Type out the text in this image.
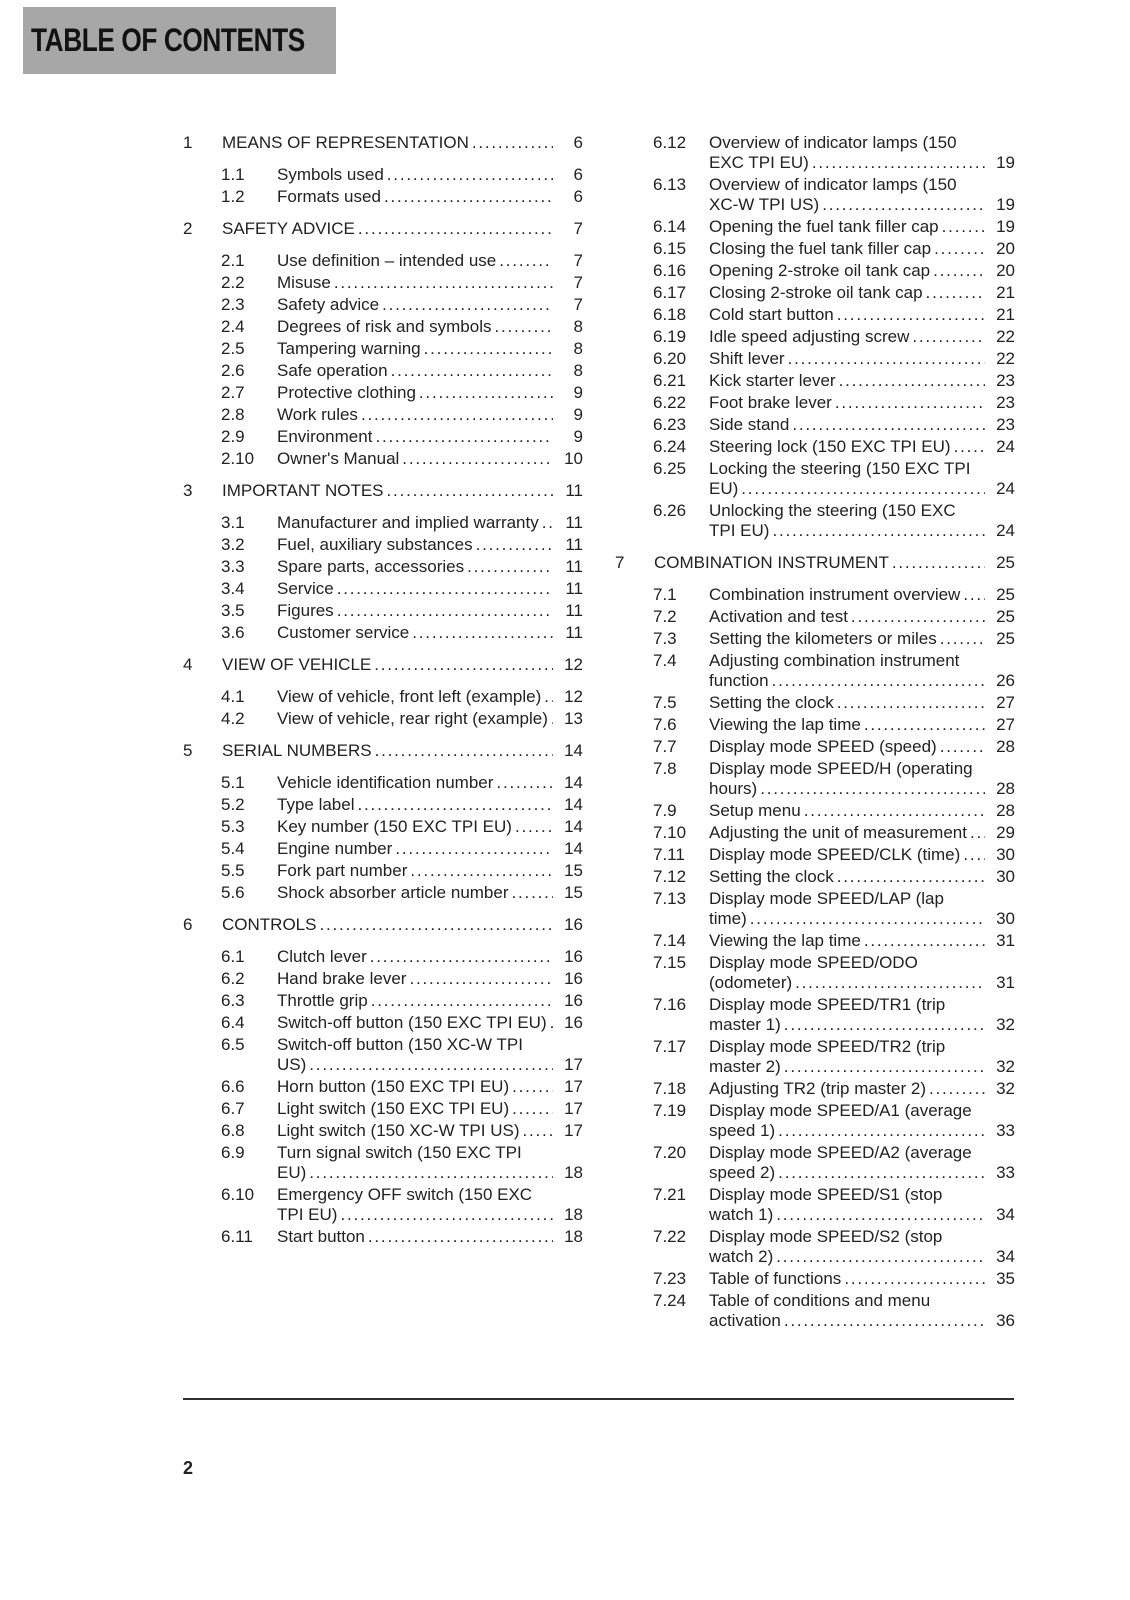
TABLE OF CONTENTS
1	MEANS OF REPRESENTATION .....	6
1.1	Symbols used .....	6
1.2	Formats used .....	6
2	SAFETY ADVICE .....	7
2.1	Use definition – intended use .....	7
2.2	Misuse .....	7
2.3	Safety advice .....	7
2.4	Degrees of risk and symbols .....	8
2.5	Tampering warning .....	8
2.6	Safe operation .....	8
2.7	Protective clothing .....	9
2.8	Work rules .....	9
2.9	Environment .....	9
2.10	Owner's Manual .....	10
3	IMPORTANT NOTES .....	11
3.1	Manufacturer and implied warranty .....	11
3.2	Fuel, auxiliary substances .....	11
3.3	Spare parts, accessories .....	11
3.4	Service .....	11
3.5	Figures .....	11
3.6	Customer service .....	11
4	VIEW OF VEHICLE .....	12
4.1	View of vehicle, front left (example) .....	12
4.2	View of vehicle, rear right (example) ..... 13
5	SERIAL NUMBERS .....	14
5.1	Vehicle identification number .....	14
5.2	Type label .....	14
5.3	Key number (150 EXC TPI EU) .....	14
5.4	Engine number .....	14
5.5	Fork part number .....	15
5.6	Shock absorber article number .....	15
6	CONTROLS .....	16
6.1	Clutch lever .....	16
6.2	Hand brake lever .....	16
6.3	Throttle grip .....	16
6.4	Switch-off button (150 EXC TPI EU) .....	16
6.5	Switch-off button (150 XC-W TPI US) .....	17
6.6	Horn button (150 EXC TPI EU) .....	17
6.7	Light switch (150 EXC TPI EU) .....	17
6.8	Light switch (150 XC-W TPI US) .....	17
6.9	Turn signal switch (150 EXC TPI EU) .....	18
6.10	Emergency OFF switch (150 EXC TPI EU) .....	18
6.11	Start button .....	18
6.12	Overview of indicator lamps (150 EXC TPI EU) .....	19
6.13	Overview of indicator lamps (150 XC-W TPI US) .....	19
6.14	Opening the fuel tank filler cap .....	19
6.15	Closing the fuel tank filler cap .....	20
6.16	Opening 2-stroke oil tank cap .....	20
6.17	Closing 2-stroke oil tank cap .....	21
6.18	Cold start button .....	21
6.19	Idle speed adjusting screw .....	22
6.20	Shift lever .....	22
6.21	Kick starter lever .....	23
6.22	Foot brake lever .....	23
6.23	Side stand .....	23
6.24	Steering lock (150 EXC TPI EU) .....	24
6.25	Locking the steering (150 EXC TPI EU) .....	24
6.26	Unlocking the steering (150 EXC TPI EU) .....	24
7	COMBINATION INSTRUMENT .....	25
7.1	Combination instrument overview .....	25
7.2	Activation and test .....	25
7.3	Setting the kilometers or miles .....	25
7.4	Adjusting combination instrument function .....	26
7.5	Setting the clock .....	27
7.6	Viewing the lap time .....	27
7.7	Display mode SPEED (speed) .....	28
7.8	Display mode SPEED/H (operating hours) .....	28
7.9	Setup menu .....	28
7.10	Adjusting the unit of measurement .....	29
7.11	Display mode SPEED/CLK (time) .....	30
7.12	Setting the clock .....	30
7.13	Display mode SPEED/LAP (lap time) .....	30
7.14	Viewing the lap time .....	31
7.15	Display mode SPEED/ODO (odometer) .....	31
7.16	Display mode SPEED/TR1 (trip master 1) .....	32
7.17	Display mode SPEED/TR2 (trip master 2) .....	32
7.18	Adjusting TR2 (trip master 2) .....	32
7.19	Display mode SPEED/A1 (average speed 1) .....	33
7.20	Display mode SPEED/A2 (average speed 2) .....	33
7.21	Display mode SPEED/S1 (stop watch 1) .....	34
7.22	Display mode SPEED/S2 (stop watch 2) .....	34
7.23	Table of functions .....	35
7.24	Table of conditions and menu activation .....	36
2
